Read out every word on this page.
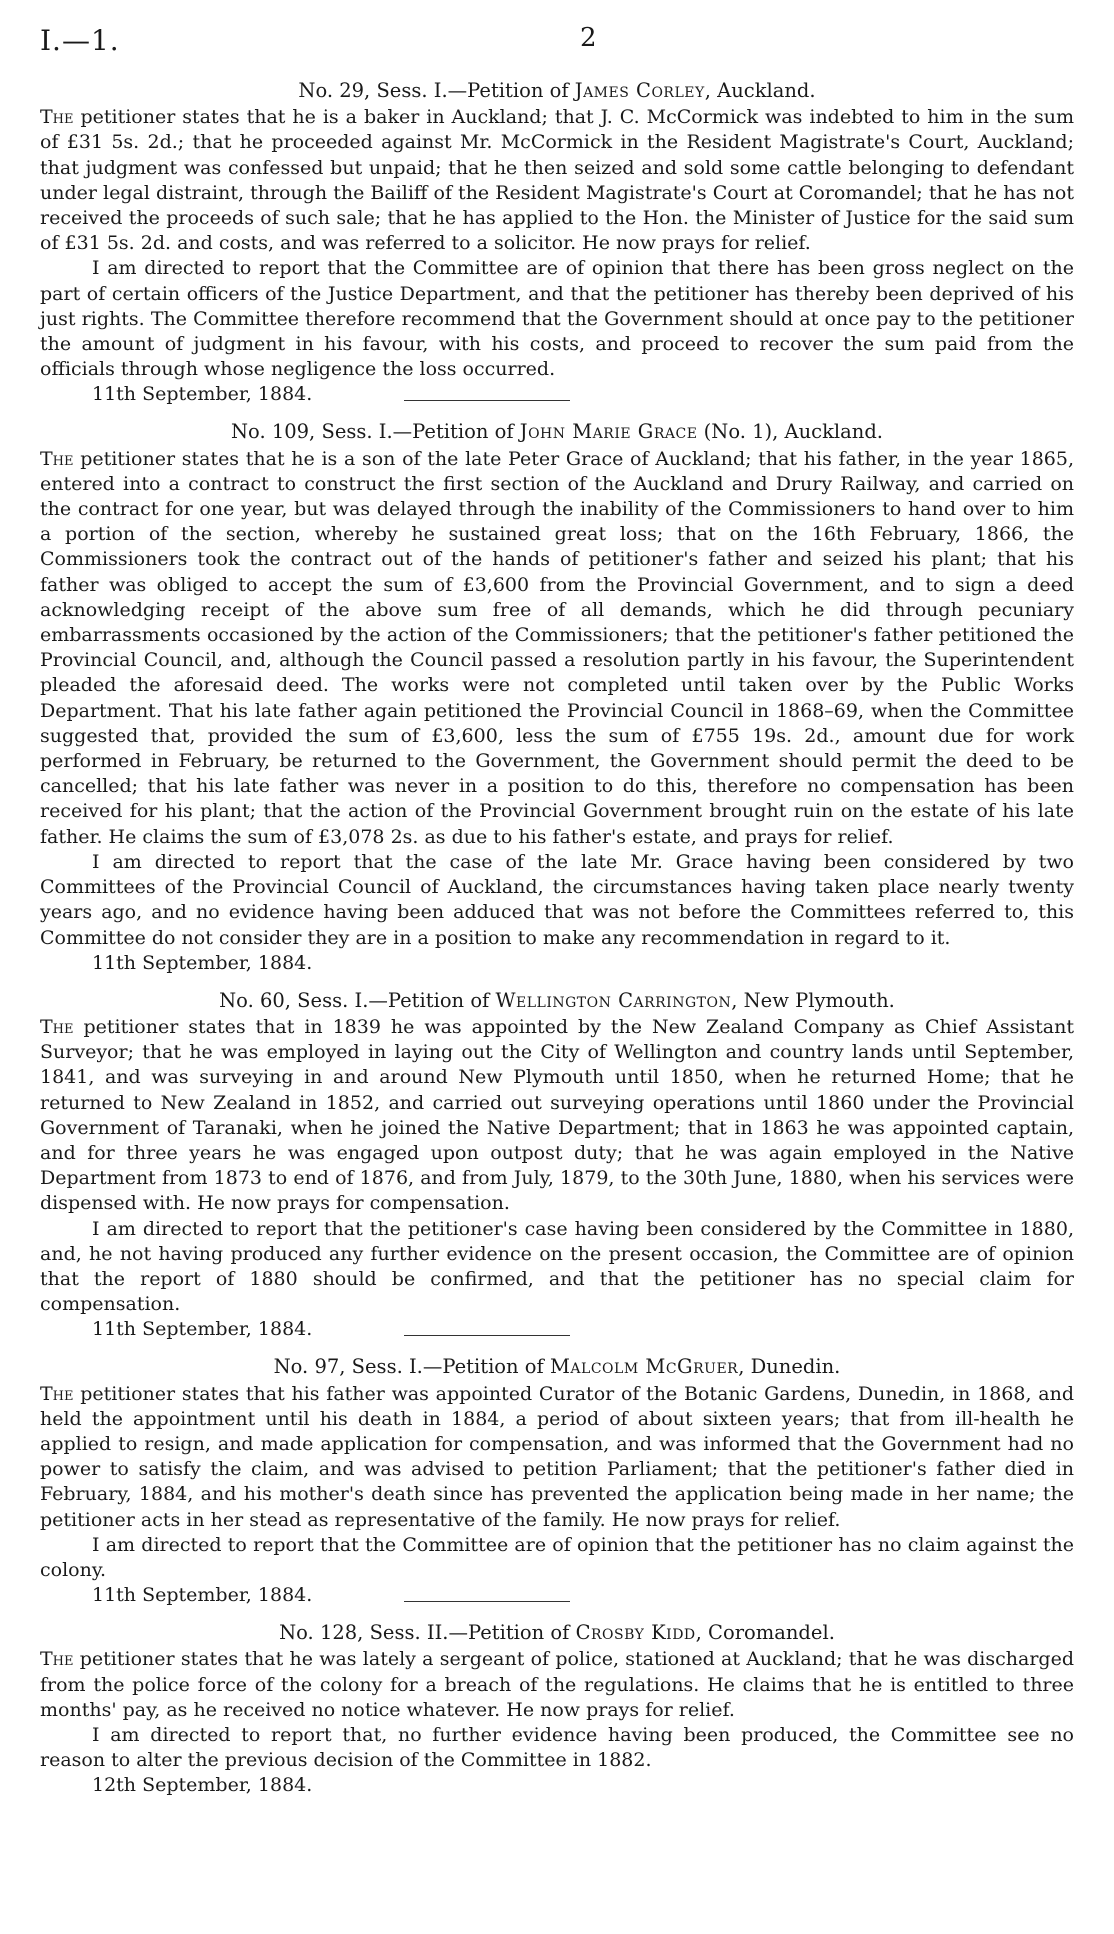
I.—1.	2

No. 29, Sess. I.—Petition of James Corley, Auckland.

The petitioner states that he is a baker in Auckland; that J. C. McCormick was indebted to him in the sum of £31 5s. 2d.; that he proceeded against Mr. McCormick in the Resident Magistrate's Court, Auckland; that judgment was confessed but unpaid; that he then seized and sold some cattle belonging to defendant under legal distraint, through the Bailiff of the Resident Magistrate's Court at Coromandel; that he has not received the proceeds of such sale; that he has applied to the Hon. the Minister of Justice for the said sum of £31 5s. 2d. and costs, and was referred to a solicitor. He now prays for relief.

I am directed to report that the Committee are of opinion that there has been gross neglect on the part of certain officers of the Justice Department, and that the petitioner has thereby been deprived of his just rights. The Committee therefore recommend that the Government should at once pay to the petitioner the amount of judgment in his favour, with his costs, and proceed to recover the sum paid from the officials through whose negligence the loss occurred.

11th September, 1884.

No. 109, Sess. I.—Petition of John Marie Grace (No. 1), Auckland.

The petitioner states that he is a son of the late Peter Grace of Auckland; that his father, in the year 1865, entered into a contract to construct the first section of the Auckland and Drury Railway, and carried on the contract for one year, but was delayed through the inability of the Commissioners to hand over to him a portion of the section, whereby he sustained great loss; that on the 16th February, 1866, the Commissioners took the contract out of the hands of petitioner's father and seized his plant; that his father was obliged to accept the sum of £3,600 from the Provincial Government, and to sign a deed acknowledging receipt of the above sum free of all demands, which he did through pecuniary embarrassments occasioned by the action of the Commissioners; that the petitioner's father petitioned the Provincial Council, and, although the Council passed a resolution partly in his favour, the Superintendent pleaded the aforesaid deed. The works were not completed until taken over by the Public Works Department. That his late father again petitioned the Provincial Council in 1868–69, when the Committee suggested that, provided the sum of £3,600, less the sum of £755 19s. 2d., amount due for work performed in February, be returned to the Government, the Government should permit the deed to be cancelled; that his late father was never in a position to do this, therefore no compensation has been received for his plant; that the action of the Provincial Government brought ruin on the estate of his late father. He claims the sum of £3,078 2s. as due to his father's estate, and prays for relief.

I am directed to report that the case of the late Mr. Grace having been considered by two Committees of the Provincial Council of Auckland, the circumstances having taken place nearly twenty years ago, and no evidence having been adduced that was not before the Committees referred to, this Committee do not consider they are in a position to make any recommendation in regard to it.

11th September, 1884.

No. 60, Sess. I.—Petition of Wellington Carrington, New Plymouth.

The petitioner states that in 1839 he was appointed by the New Zealand Company as Chief Assistant Surveyor; that he was employed in laying out the City of Wellington and country lands until September, 1841, and was surveying in and around New Plymouth until 1850, when he returned Home; that he returned to New Zealand in 1852, and carried out surveying operations until 1860 under the Provincial Government of Taranaki, when he joined the Native Department; that in 1863 he was appointed captain, and for three years he was engaged upon outpost duty; that he was again employed in the Native Department from 1873 to end of 1876, and from July, 1879, to the 30th June, 1880, when his services were dispensed with. He now prays for compensation.

I am directed to report that the petitioner's case having been considered by the Committee in 1880, and, he not having produced any further evidence on the present occasion, the Committee are of opinion that the report of 1880 should be confirmed, and that the petitioner has no special claim for compensation.

11th September, 1884.

No. 97, Sess. I.—Petition of Malcolm McGruer, Dunedin.

The petitioner states that his father was appointed Curator of the Botanic Gardens, Dunedin, in 1868, and held the appointment until his death in 1884, a period of about sixteen years; that from ill-health he applied to resign, and made application for compensation, and was informed that the Government had no power to satisfy the claim, and was advised to petition Parliament; that the petitioner's father died in February, 1884, and his mother's death since has prevented the application being made in her name; the petitioner acts in her stead as representative of the family. He now prays for relief.

I am directed to report that the Committee are of opinion that the petitioner has no claim against the colony.

11th September, 1884.

No. 128, Sess. II.—Petition of Crosby Kidd, Coromandel.

The petitioner states that he was lately a sergeant of police, stationed at Auckland; that he was discharged from the police force of the colony for a breach of the regulations. He claims that he is entitled to three months' pay, as he received no notice whatever. He now prays for relief.

I am directed to report that, no further evidence having been produced, the Committee see no reason to alter the previous decision of the Committee in 1882.

12th September, 1884.
